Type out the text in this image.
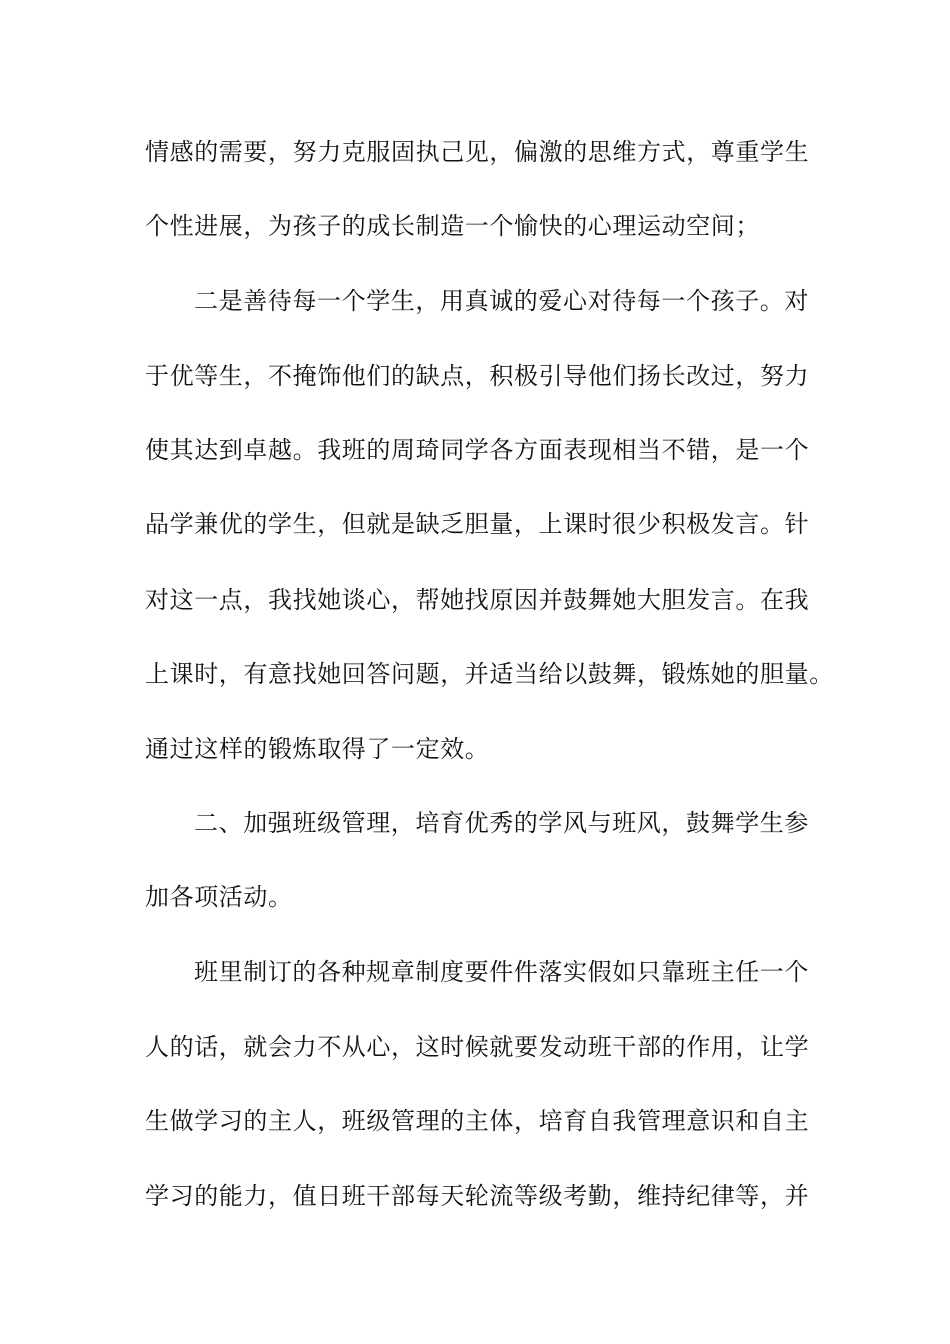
情感的需要，努力克服固执己见，偏激的思维方式，尊重学生
个性进展，为孩子的成长制造一个愉快的心理运动空间；
二是善待每一个学生，用真诚的爱心对待每一个孩子。对
于优等生，不掩饰他们的缺点，积极引导他们扬长改过，努力
使其达到卓越。我班的周琦同学各方面表现相当不错，是一个
品学兼优的学生，但就是缺乏胆量，上课时很少积极发言。针
对这一点，我找她谈心，帮她找原因并鼓舞她大胆发言。在我
上课时，有意找她回答问题，并适当给以鼓舞，锻炼她的胆量。
通过这样的锻炼取得了一定效。
二、加强班级管理，培育优秀的学风与班风，鼓舞学生参
加各项活动。
班里制订的各种规章制度要件件落实假如只靠班主任一个
人的话，就会力不从心，这时候就要发动班干部的作用，让学
生做学习的主人，班级管理的主体，培育自我管理意识和自主
学习的能力，值日班干部每天轮流等级考勤，维持纪律等，并
